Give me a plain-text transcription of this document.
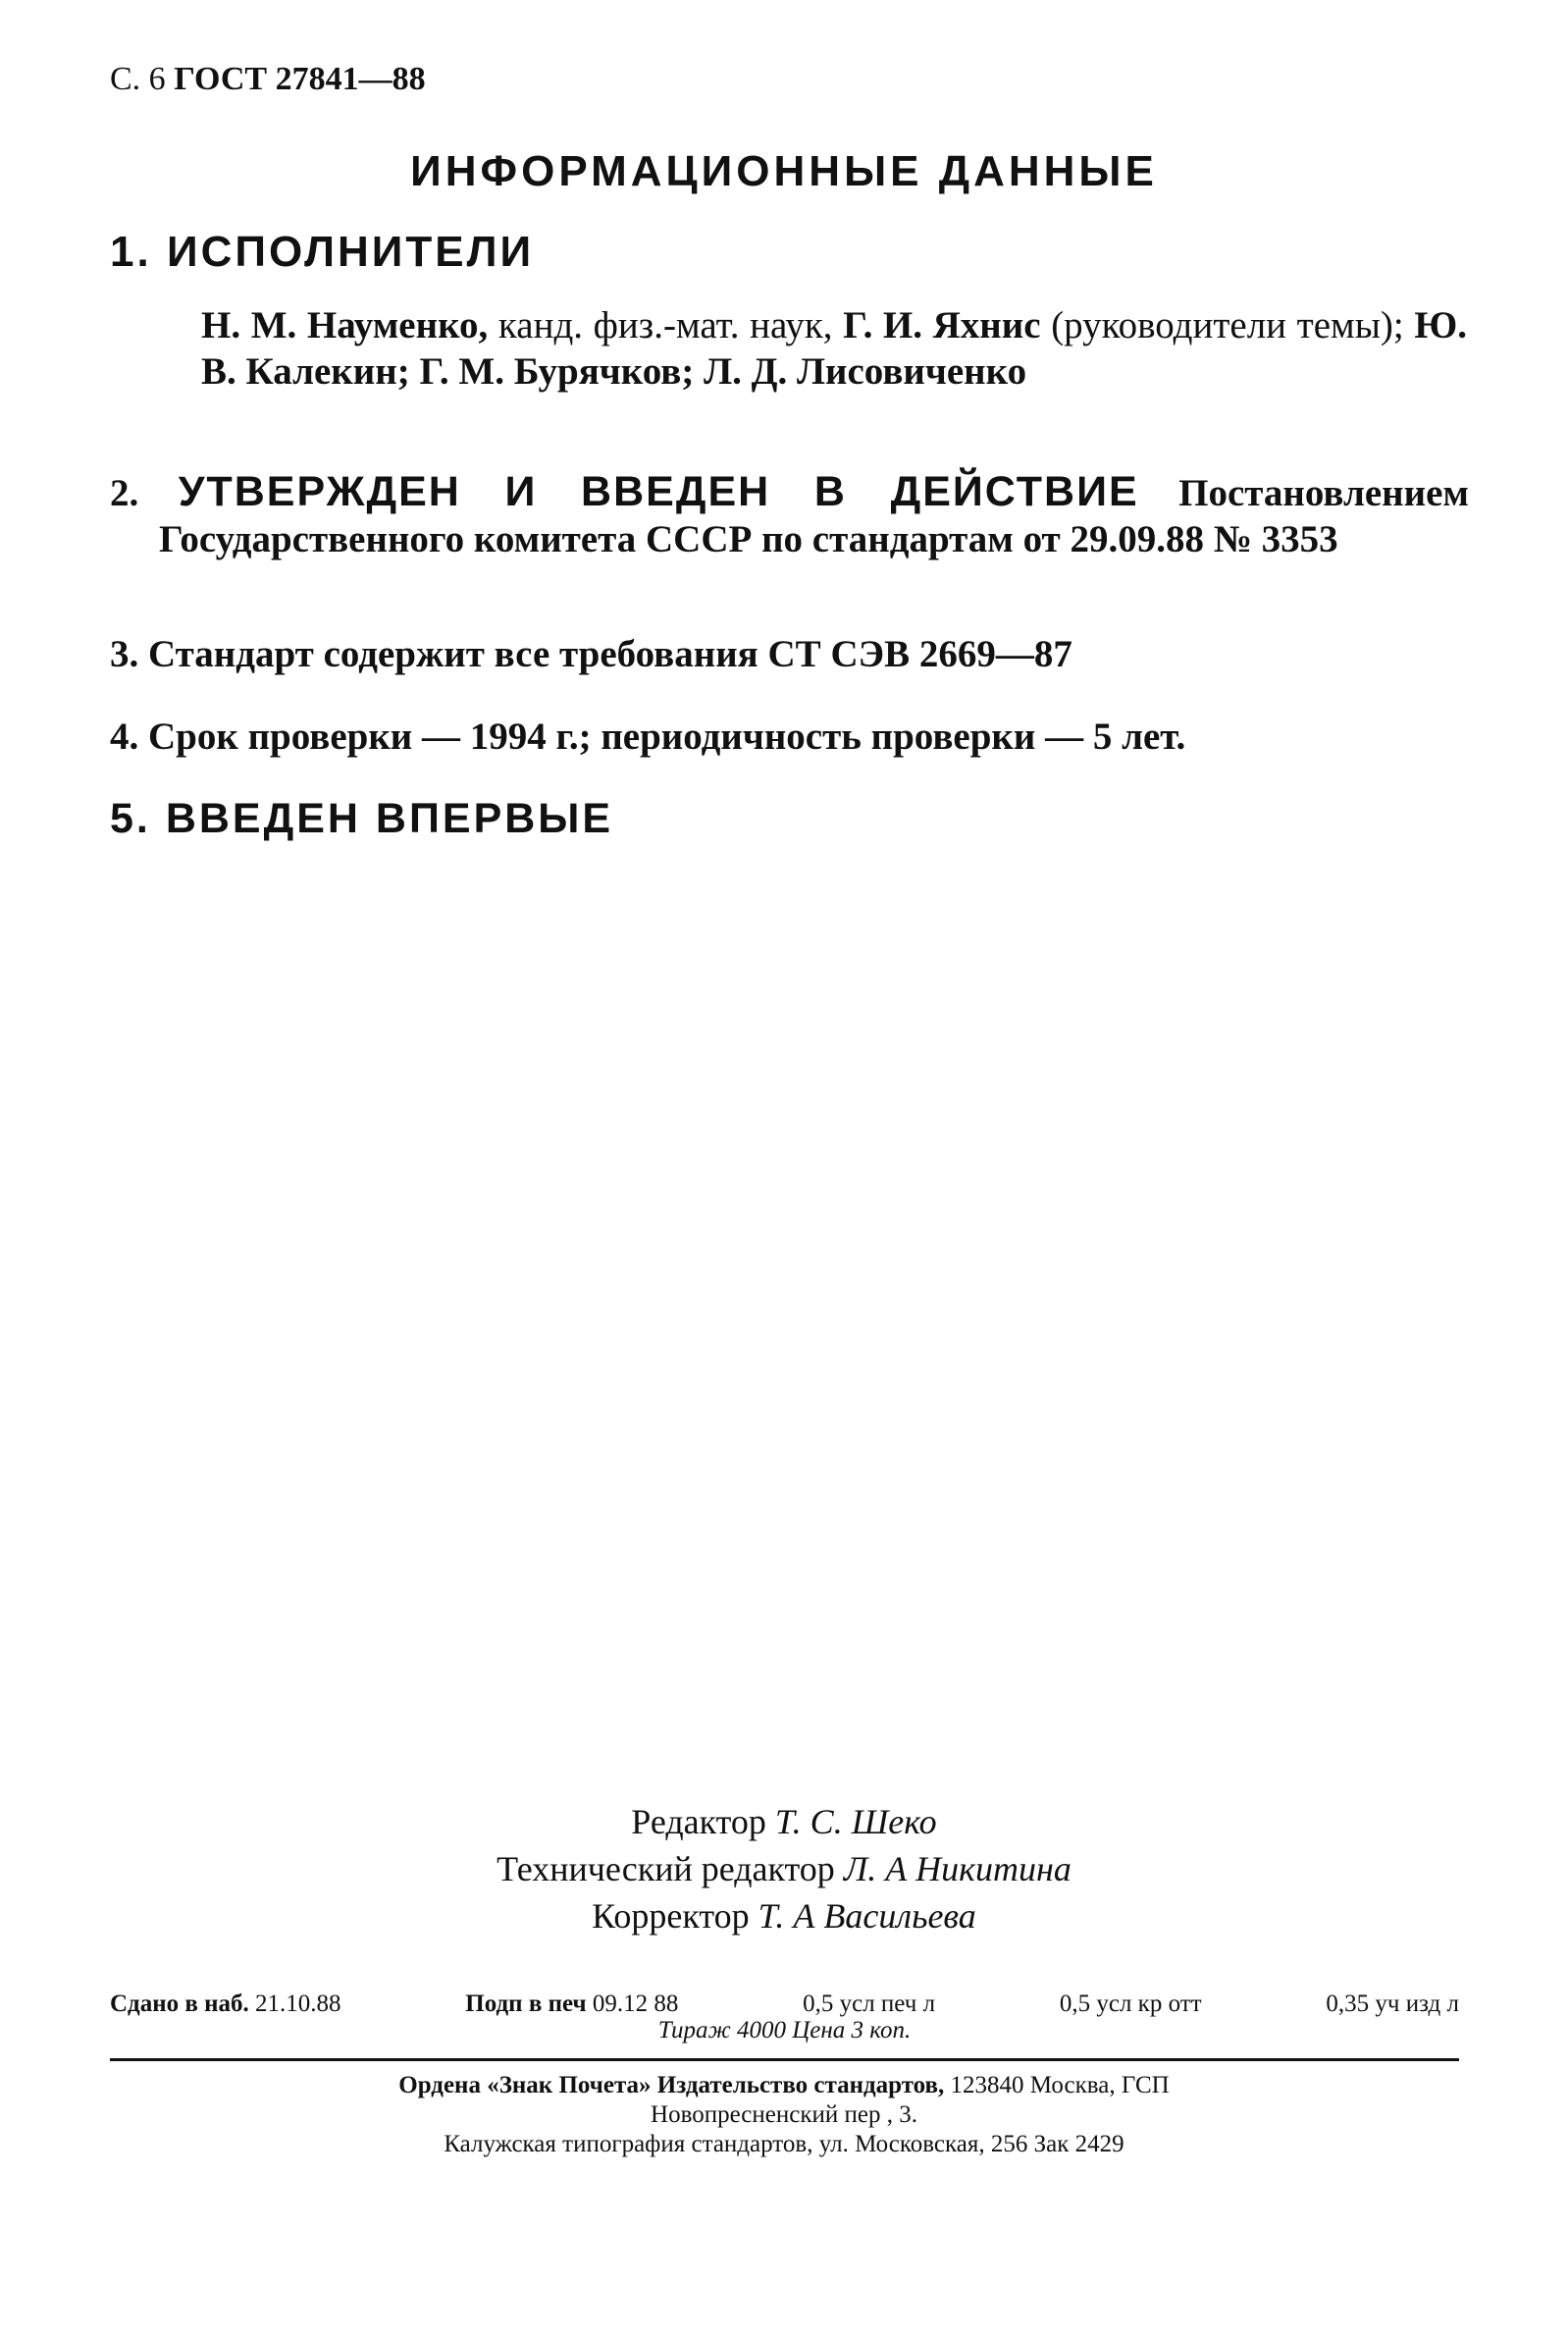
С. 6 ГОСТ 27841—88
ИНФОРМАЦИОННЫЕ ДАННЫЕ
1. ИСПОЛНИТЕЛИ
Н. М. Науменко, канд. физ.-мат. наук, Г. И. Яхнис (руководители темы); Ю. В. Калекин; Г. М. Бурячков; Л. Д. Лисовиченко
2. УТВЕРЖДЕН И ВВЕДЕН В ДЕЙСТВИЕ Постановлением Государственного комитета СССР по стандартам от 29.09.88 № 3353
3. Стандарт содержит все требования СТ СЭВ 2669—87
4. Срок проверки — 1994 г.; периодичность проверки — 5 лет.
5. ВВЕДЕН ВПЕРВЫЕ
Редактор Т. С. Шеко
Технический редактор Л. А Никитина
Корректор Т. А Васильева
Сдано в наб. 21.10.88	Подп в печ 09.12 88	0,5 усл печ л	0,5 усл кр отт	0,35 уч изд л
Тираж 4000 Цена 3 коп.
Ордена «Знак Почета» Издательство стандартов, 123840 Москва, ГСП
Новопресненский пер , 3.
Калужская типография стандартов, ул. Московская, 256 Зак 2429
